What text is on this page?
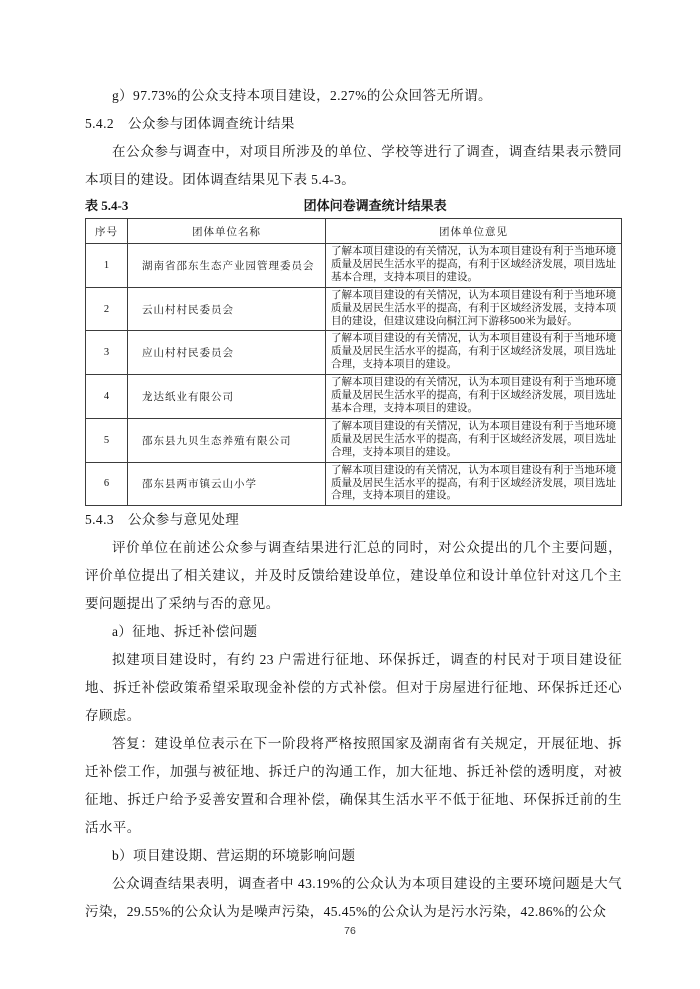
g）97.73%的公众支持本项目建设，2.27%的公众回答无所谓。

5.4.2 公众参与团体调查统计结果

在公众参与调查中，对项目所涉及的单位、学校等进行了调查，调查结果表示赞同本项目的建设。团体调查结果见下表 5.4-3。

表 5.4-3	团体问卷调查统计结果表
序号	团体单位名称	团体单位意见
1	湖南省邵东生态产业园管理委员会	了解本项目建设的有关情况，认为本项目建设有利于当地环境质量及居民生活水平的提高，有利于区域经济发展，项目选址基本合理，支持本项目的建设。
2	云山村村民委员会	了解本项目建设的有关情况，认为本项目建设有利于当地环境质量及居民生活水平的提高，有利于区域经济发展，支持本项目的建设，但建议建设向桐江河下游移500米为最好。
3	应山村村民委员会	了解本项目建设的有关情况，认为本项目建设有利于当地环境质量及居民生活水平的提高，有利于区域经济发展，项目选址合理，支持本项目的建设。
4	龙达纸业有限公司	了解本项目建设的有关情况，认为本项目建设有利于当地环境质量及居民生活水平的提高，有利于区域经济发展，项目选址基本合理，支持本项目的建设。
5	邵东县九贝生态养殖有限公司	了解本项目建设的有关情况，认为本项目建设有利于当地环境质量及居民生活水平的提高，有利于区域经济发展，项目选址合理，支持本项目的建设。
6	邵东县两市镇云山小学	了解本项目建设的有关情况，认为本项目建设有利于当地环境质量及居民生活水平的提高，有利于区域经济发展，项目选址合理，支持本项目的建设。
5.4.3 公众参与意见处理

评价单位在前述公众参与调查结果进行汇总的同时，对公众提出的几个主要问题，评价单位提出了相关建议，并及时反馈给建设单位，建设单位和设计单位针对这几个主要问题提出了采纳与否的意见。

a）征地、拆迁补偿问题

拟建项目建设时，有约 23 户需进行征地、环保拆迁，调查的村民对于项目建设征地、拆迁补偿政策希望采取现金补偿的方式补偿。但对于房屋进行征地、环保拆迁还心存顾虑。

答复：建设单位表示在下一阶段将严格按照国家及湖南省有关规定，开展征地、拆迁补偿工作，加强与被征地、拆迁户的沟通工作，加大征地、拆迁补偿的透明度，对被征地、拆迁户给予妥善安置和合理补偿，确保其生活水平不低于征地、环保拆迁前的生活水平。

b）项目建设期、营运期的环境影响问题

公众调查结果表明，调查者中 43.19%的公众认为本项目建设的主要环境问题是大气污染，29.55%的公众认为是噪声污染，45.45%的公众认为是污水污染，42.86%的公众

76
